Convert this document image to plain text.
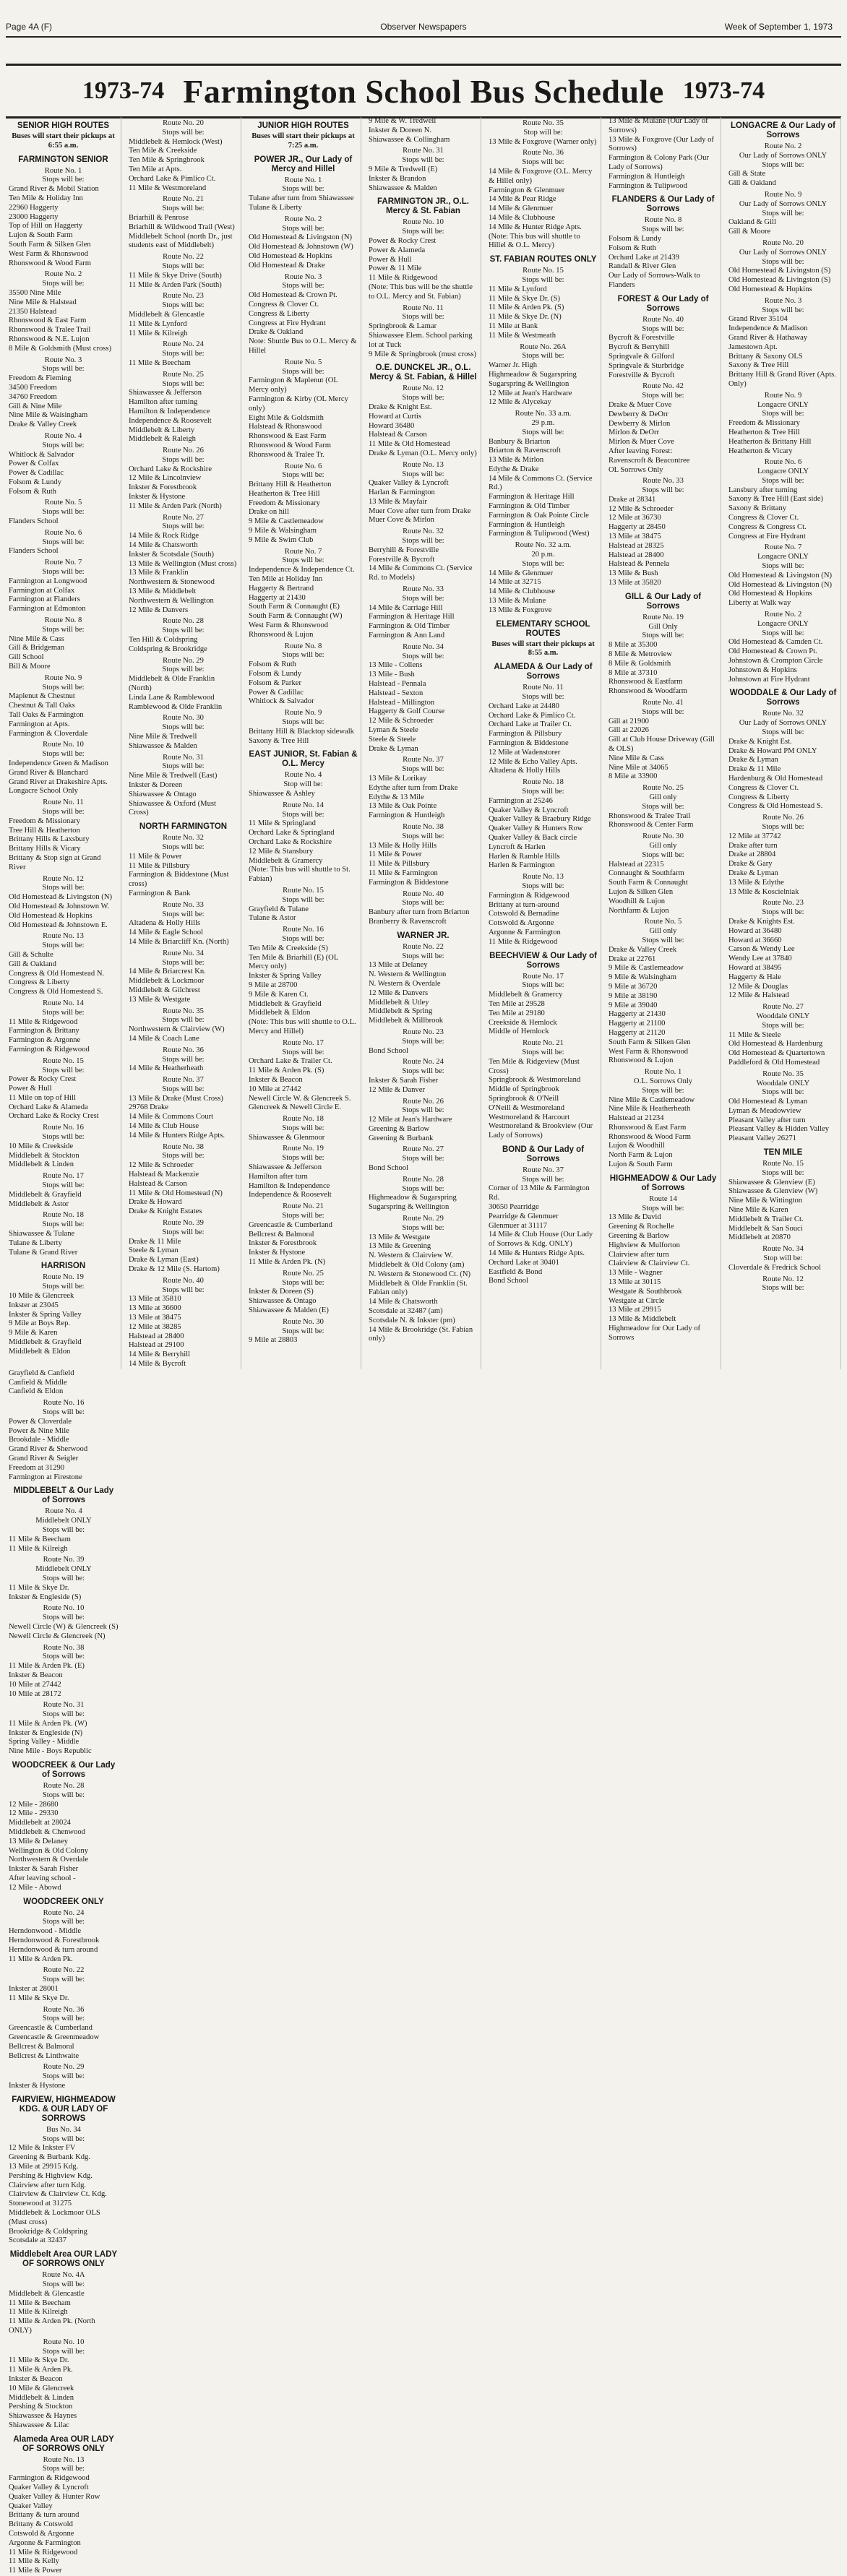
Page 4A (F)	Observer Newspapers	Week of September 1, 1973
1973-74 Farmington School Bus Schedule 1973-74
SENIOR HIGH ROUTES
Buses will start their pickups at 6:55 a.m.
FARMINGTON SENIOR
Route No. 1
Stops will be:
Grand River & Mobil Station
Ten Mile & Holiday Inn
22960 Haggerty
23000 Haggerty
Top of Hill on Haggerty
Lujon & South Farm
South Farm & Silken Glen
West Farm & Rhonswood
Rhonswood & Wood Farm
Route No. 2
Stops will be:
35500 Nine Mile
Nine Mile & Halstead
21350 Halstead
Rhonswood & East Farm
Rhonswood & Tralee Trail
Rhonswood & N.E. Lujon
8 Mile & Goldsmith (Must cross)
Route No. 3
Stops will be:
Freedom & Fleming
34500 Freedom
34760 Freedom
Gill & Nine Mile
Nine Mile & Waisingham
Drake & Valley Creek
Route No. 4
Stops will be:
Whitlock & Salvador
Power & Colfax
Power & Cadillac
Folsom & Lundy
Folsom & Ruth
Route No. 5
Stops will be:
Flanders School
Route No. 6
Stops will be:
Flanders School
Route No. 7
Stops will be:
Farmington at Longwood
Farmington at Colfax
Farmington at Flanders
Farmington at Edmonton
Route No. 8
Stops will be:
Nine Mile & Cass
Gill & Bridgeman
Gill School
Bill & Moore
Route No. 9
Stops will be:
Maplenut & Chestnut
Chestnut & Tall Oaks
Tall Oaks & Farmington
Farmington at Apts.
Farmington & Cloverdale
Route No. 10
Stops will be:
Independence Green & Madison
Grand River & Blanchard
Grand River at Drakeshire Apts.
Longacre School Only
Route No. 11
Stops will be:
Freedom & Missionary
Tree Hill & Heatherton
Brittany Hills & Laxsbury
Brittany Hills & Vicary
Brittany & Stop sign at Grand River
Route No. 12
Stops will be:
Old Homestead & Livingston (N)
Old Homestead & Johnstown W.
Old Homestead & Hopkins
Old Homestead & Johnstown E.
Route No. 13
Stops will be:
Gill & Schulte
Gill & Oakland
Congress & Old Homestead N.
Congress & Liberty
Congress & Old Homestead S.
Route No. 14
Stops will be:
11 Mile & Ridgewood
Farmington & Brittany
Farmington & Argonne
Farmington & Ridgewood
Route No. 15
Stops will be:
Power & Rocky Crest
Power & Hull
11 Mile on top of Hill
Orchard Lake & Alameda
Orchard Lake & Rocky Crest
Route No. 16
Stops will be:
10 Mile & Creekside
Middlebelt & Stockton
Middlebelt & Linden
Route No. 17
Stops will be:
Middlebelt & Grayfield
Middlebelt & Astor
Route No. 18
Stops will be:
Shiawassee & Tulane
Tulane & Liberty
Tulane & Grand River
HARRISON
Route No. 19
Stops will be:
10 Mile & Glencreek
Inkster at 23045
Inkster & Spring Valley
9 Mile at Boys Rep.
9 Mile & Karen
Middlebelt & Grayfield
Middlebelt & Eldon
Route No. 20
Stops will be:
Middlebelt & Hemlock (West)
Ten Mile & Creekside
Ten Mile & Springbrook
Ten Mile at Apts.
Orchard Lake & Pimlico Ct.
11 Mile & Westmoreland
Route No. 21
Stops will be:
Briarhill & Penrose
Briarhill & Wildwood Trail (West)
Middlebelt School (north Dr., just students east of Middlebelt)
Route No. 22
Stops will be:
11 Mile & Skye Drive (South)
11 Mile & Arden Park (South)
Route No. 23
Stops will be:
Middlebelt & Glencastle
11 Mile & Lynford
11 Mile & Kilreigh
Route No. 24
Stops will be:
11 Mile & Beecham
Route No. 25
Stops will be:
Shiawassee & Jefferson
Hamilton after turning
Hamilton & Independence
Independence & Roosevelt
Middlebelt & Liberty
Middlebelt & Raleigh
Route No. 26
Stops will be:
Orchard Lake & Rockshire
12 Mile & Lincolnview
Inkster & Forestbrook
Inkster & Hystone
11 Mile & Arden Park (North)
Route No. 27
Stops will be:
14 Mile & Rock Ridge
14 Mile & Chatsworth
Inkster & Scotsdale (South)
13 Mile & Wellington (Must cross)
13 Mile & Franklin
Northwestern & Stonewood
13 Mile & Middlebelt
Northwestern & Wellington
12 Mile & Danvers
Route No. 28
Stops will be:
Ten Hill & Coldspring
Coldspring & Brookridge
Route No. 29
Stops will be:
Middlebelt & Olde Franklin (North)
Linda Lane & Ramblewood
Ramblewood & Olde Franklin
Route No. 30
Stops will be:
Nine Mile & Tredwell
Shiawassee & Malden
Route No. 31
Stops will be:
Nine Mile & Tredwell (East)
Inkster & Doreen
Shiawassee & Ontago
Shiawassee & Oxford (Must Cross)
NORTH FARMINGTON
Route No. 32
Stops will be:
11 Mile & Power
11 Mile & Pillsbury
Farmington & Biddestone (Must cross)
Farmington & Bank
Route No. 33
Stops will be:
Altadena & Holly Hills
14 Mile & Eagle School
14 Mile & Briarcliff Kn. (North)
Route No. 34
Stops will be:
14 Mile & Briarcrest Kn.
Middlebelt & Lockmoor
Middlebelt & Gilchrest
13 Mile & Westgate
Route No. 35
Stops will be:
Northwestern & Clairview (W)
14 Mile & Coach Lane
Route No. 36
Stops will be:
14 Mile & Heatherheath
Route No. 37
Stops will be:
13 Mile & Drake (Must Cross)
29768 Drake
14 Mile & Commons Court
14 Mile & Club House
14 Mile & Hunters Ridge Apts.
Route No. 38
Stops will be:
12 Mile & Schroeder
Halstead & Mackenzie
Halstead & Carson
11 Mile & Old Homestead (N)
Drake & Howard
Drake & Knight Estates
Route No. 39
Stops will be:
Drake & 11 Mile
Steele & Lyman
Drake & Lyman (East)
Drake & 12 Mile (S. Hartom)
Route No. 40
Stops will be:
13 Mile at 35810
13 Mile at 36600
13 Mile at 38475
12 Mile at 38285
Halstead at 28400
Halstead at 29100
14 Mile & Berryhill
14 Mile & Bycroft
JUNIOR HIGH ROUTES
Buses will start their pickups at 7:25 a.m.
POWER JR., Our Lady of Mercy and Hillel
Route No. 1
Stops will be:
Tulane after turn from Shiawassee
Tulane & Liberty
Route No. 2
Stops will be:
Old Homestead & Livingston (N)
Old Homestead & Johnstown (W)
Old Homestead & Hopkins
Old Homestead & Drake
Route No. 3
Stops will be:
Old Homestead & Crown Pt.
Congress & Clover Ct.
Congress & Liberty
Congress at Fire Hydrant
Drake & Oakland
Note: Shuttle Bus to O.L. Mercy & Hillel
Route No. 5
Stops will be:
Farmington & Maplenut (OL Mercy only)
Farmington & Kirby (OL Mercy only)
Eight Mile & Goldsmith
Halstead & Rhonswood
Rhonswood & East Farm
Rhonswood & Wood Farm
Rhonswood & Tralee Tr.
Route No. 6
Stops will be:
Brittany Hill & Heatherton
Heatherton & Tree Hill
Freedom & Missionary
Drake on hill
9 Mile & Castlemeadow
9 Mile & Walsingham
9 Mile & Swim Club
Route No. 7
Stops will be:
Independence & Independence Ct.
Ten Mile at Holiday Inn
Haggerty & Bertrand
Haggerty at 21430
South Farm & Connaught (E)
South Farm & Connaught (W)
West Farm & Rhonswood
Rhonswood & Lujon
Route No. 8
Stops will be:
Folsom & Ruth
Folsom & Lundy
Folsom & Parker
Power & Cadillac
Whitlock & Salvador
Route No. 9
Stops will be:
Brittany Hill & Blacktop sidewalk
Saxony & Tree Hill
EAST JUNIOR, St. Fabian & O.L. Mercy
Route No. 4
Stop will be:
Shiawassee & Ashley
Route No. 14
Stops will be:
11 Mile & Springland
Orchard Lake & Springland
Orchard Lake & Rockshire
12 Mile & Stansbury
Middlebelt & Gramercy
(Note: This bus will shuttle to St. Fabian)
Route No. 15
Stops will be:
Grayfield & Tulane
Tulane & Astor
Route No. 16
Stops will be:
Ten Mile & Creekside (S)
Ten Mile & Briarhill (E) (OL Mercy only)
Inkster & Spring Valley
9 Mile at 28700
9 Mile & Karen Ct.
Middlebelt & Grayfield
Middlebelt & Eldon
(Note: This bus will shuttle to O.L. Mercy and Hillel)
Route No. 17
Stops will be:
Orchard Lake & Trailer Ct.
11 Mile & Arden Pk. (S)
Inkster & Beacon
10 Mile at 27442
Newell Circle W. & Glencreek S.
Glencreek & Newell Circle E.
Route No. 18
Stops will be:
Shiawassee & Glenmoor
Route No. 19
Stops will be:
Shiawassee & Jefferson
Hamilton after turn
Hamilton & Independence
Independence & Roosevelt
Route No. 21
Stops will be:
Greencastle & Cumberland
Bellcrest & Balmoral
Inkster & Forestbrook
Inkster & Hystone
11 Mile & Arden Pk. (N)
Route No. 25
Stops will be:
Inkster & Doreen (S)
Shiawassee & Ontago
Shiawassee & Malden (E)
Route No. 30
Stops will be:
9 Mile at 28803
9 Mile & W. Tredwell
Inkster & Doreen N.
Shiawassee & Collingham
Route No. 31
Stops will be:
9 Mile & Tredwell (E)
Inkster & Brandon
Shiawassee & Malden
FARMINGTON JR., O.L. Mercy & St. Fabian
Route No. 10
Stops will be:
Power & Rocky Crest
Power & Alameda
Power & Hull
Power & 11 Mile
11 Mile & Ridgewood
(Note: This bus will be the shuttle to O.L. Mercy and St. Fabian)
Route No. 11
Stops will be:
Springbrook & Lamar
Shiawassee Elem. School parking lot at Tuck
9 Mile & Springbrook (must cross)
O.E. DUNCKEL JR., O.L. Mercy & St. Fabian, & Hillel
Route No. 12
Stops will be:
Drake & Knight Est.
Howard at Curtis
Howard 36480
Halstead & Carson
11 Mile & Old Homestead
Drake & Lyman (O.L. Mercy only)
Route No. 13
Stops will be:
Quaker Valley & Lyncroft
Harlan & Farmington
13 Mile & Mayfair
Muer Cove after turn from Drake
Muer Cove & Mirlon
Route No. 32
Stops will be:
Berryhill & Forestville
Forestville & Bycroft
14 Mile & Commons Ct. (Service Rd. to Models)
Route No. 33
Stops will be:
14 Mile & Carriage Hill
Farmington & Heritage Hill
Farmington & Old Timber
Farmington & Ann Land
Route No. 34
Stops will be:
13 Mile - Collens
13 Mile - Bush
Halstead - Pennala
Halstead - Sexton
Halstead - Millington
Haggerty & Golf Course
12 Mile & Schroeder
Lyman & Steele
Steele & Steele
Drake & Lyman
Route No. 37
Stops will be:
13 Mile & Lorikay
Edythe after turn from Drake
Edythe & 13 Mile
13 Mile & Oak Pointe
Farmington & Huntleigh
Route No. 38
Stops will be:
13 Mile & Holly Hills
11 Mile & Power
11 Mile & Pillsbury
11 Mile & Farmington
Farmington & Biddestone
Route No. 40
Stops will be:
Banbury after turn from Briarton
Branberry & Ravenscroft
WARNER JR.
Route No. 22
Stops will be:
13 Mile at Delaney
N. Western & Wellington
N. Western & Overdale
12 Mile & Danvers
Middlebelt & Utley
Middlebelt & Spring
Middlebelt & Millbrook
Route No. 23
Stops will be:
Bond School
Route No. 24
Stops will be:
Inkster & Sarah Fisher
12 Mile & Danver
Route No. 26
Stops will be:
12 Mile at Jean's Hardware
Greening & Barlow
Greening & Burbank
Route No. 27
Stops will be:
Bond School
Route No. 28
Stops will be:
Highmeadow & Sugarspring
Sugarspring & Wellington
Route No. 29
Stops will be:
13 Mile & Westgate
13 Mile & Greening
N. Western & Clairview W.
Middlebelt & Old Colony (am)
N. Western & Stonewood Ct. (N)
Middlebelt & Olde Franklin (St. Fabian only)
14 Mile & Chatsworth
Scotsdale at 32487 (am)
Scotsdale N. & Inkster (pm)
14 Mile & Brookridge (St. Fabian only)
Route No. 35
Stop will be:
13 Mile & Foxgrove (Warner only)
Route No. 36
Stops will be:
14 Mile & Foxgrove (O.L. Mercy & Hillel only)
Farmington & Glenmuer
14 Mile & Pear Ridge
14 Mile & Glenmuer
14 Mile & Clubhouse
14 Mile & Hunter Ridge Apts.
(Note: This bus will shuttle to Hillel & O.L. Mercy)
ST. FABIAN ROUTES ONLY
Route No. 15
Stops will be:
11 Mile & Lynford
11 Mile & Skye Dr. (S)
11 Mile & Arden Pk. (S)
11 Mile & Skye Dr. (N)
11 Mile at Bank
11 Mile & Westmeath
Route No. 26A
Stops will be:
Warner Jr. High
Highmeadow & Sugarspring
Sugarspring & Wellington
12 Mile at Jean's Hardware
12 Mile & Alycekay
Route No. 33 a.m.
29 p.m.
Stops will be:
Banbury & Briarton
Briarton & Ravenscroft
13 Mile & Mirlon
Edythe & Drake
14 Mile & Commons Ct. (Service Rd.)
Farmington & Heritage Hill
Farmington & Old Timber
Farmington & Oak Pointe Circle
Farmington & Huntleigh
Farmington & Tulipwood (West)
Route No. 32 a.m.
20 p.m.
Stops will be:
14 Mile & Glenmuer
14 Mile at 32715
14 Mile & Clubhouse
13 Mile & Mulane
13 Mile & Foxgrove
ELEMENTARY SCHOOL ROUTES
Buses will start their pickups at 8:55 a.m.
ALAMEDA & Our Lady of Sorrows
Route No. 11
Stops will be:
Orchard Lake at 24480
Orchard Lake & Pimlico Ct.
Orchard Lake at Trailer Ct.
Farmington & Pillsbury
Farmington & Biddestone
12 Mile at Wadenstorer
12 Mile & Echo Valley Apts.
Altadena & Holly Hills
Route No. 18
Stops will be:
Farmington at 25246
Quaker Valley & Lyncroft
Quaker Valley & Braebury Ridge
Quaker Valley & Hunters Row
Quaker Valley & Back circle
Lyncroft & Harlen
Harlen & Ramble Hills
Harlen & Farmington
Route No. 13
Stops will be:
Farmington & Ridgewood
Brittany at turn-around
Cotswold & Bernadine
Cotswold & Argonne
Argonne & Farmington
11 Mile & Ridgewood
BEECHVIEW & Our Lady of Sorrows
Route No. 17
Stops will be:
Middlebelt & Gramercy
Ten Mile at 29528
Ten Mile at 29180
Creekside & Hemlock
Middle of Hemlock
Route No. 21
Stops will be:
Ten Mile & Ridgeview (Must Cross)
Springbrook & Westmoreland
Middle of Springbrook
Springbrook & O'Neill
O'Neill & Westmoreland
Westmoreland & Harcourt
Westmoreland & Brookview (Our Lady of Sorrows)
BOND & Our Lady of Sorrows
Route No. 37
Stops will be:
Corner of 13 Mile & Farmington Rd.
30650 Pearridge
Pearridge & Glenmuer
Glenmuer at 31117
14 Mile & Club House (Our Lady of Sorrows & Kdg. ONLY)
14 Mile & Hunters Ridge Apts.
Orchard Lake at 30401
Eastfield & Bond
Bond School
13 Mile & Mulane (Our Lady of Sorrows)
13 Mile & Foxgrove (Our Lady of Sorrows)
Farmington & Colony Park (Our Lady of Sorrows)
Farmington & Huntleigh
Farmington & Tulipwood
FLANDERS & Our Lady of Sorrows
Route No. 8
Stops will be:
Folsom & Lundy
Folsom & Ruth
Orchard Lake at 21439
Randall & River Glen
Our Lady of Sorrows-Walk to Flanders
FOREST & Our Lady of Sorrows
Route No. 40
Stops will be:
Bycroft & Forestville
Bycroft & Berryhill
Springvale & Gilford
Springvale & Sturbridge
Forestville & Bycroft
Route No. 42
Stops will be:
Drake & Muer Cove
Dewberry & DeOrr
Dewberry & Mirlon
Mirlon & DeOrr
Mirlon & Muer Cove
After leaving Forest:
Ravenscroft & Beacontree
OL Sorrows Only
Route No. 33
Stops will be:
Drake at 28341
12 Mile & Schroeder
12 Mile at 36730
Haggerty at 28450
13 Mile at 38475
Halstead at 28325
Halstead at 28400
Halstead & Pennela
13 Mile & Bush
13 Mile at 35820
GILL & Our Lady of Sorrows
Route No. 19
Gill Only
Stops will be:
8 Mile at 35300
8 Mile & Metroview
8 Mile & Goldsmith
8 Mile at 37310
Rhonswood & Eastfarm
Rhonswood & Woodfarm
Route No. 41
Stops will be:
Gill at 21900
Gill at 22026
Gill at Club House Driveway (Gill & OLS)
Nine Mile & Cass
Nine Mile at 34065
8 Mile at 33900
Route No. 25
Gill only
Stops will be:
Rhonswood & Tralee Trail
Rhonswood & Center Farm
Route No. 30
Gill only
Stops will be:
Halstead at 22315
Connaught & Southfarm
South Farm & Connaught
Lujon & Silken Glen
Woodhill & Lujon
Northfarm & Lujon
Route No. 5
Gill only
Stops will be:
Drake & Valley Creek
Drake at 22761
9 Mile & Castlemeadow
9 Mile & Walsingham
9 Mile at 36720
9 Mile at 38190
9 Mile at 39040
Haggerty at 21430
Haggerty at 21100
Haggerty at 21120
South Farm & Silken Glen
West Farm & Rhonswood
Rhonswood & Lujon
Route No. 1
O.L. Sorrows Only
Stops will be:
Nine Mile & Castlemeadow
Nine Mile & Heatherheath
Halstead at 21234
Rhonswood & East Farm
Rhonswood & Wood Farm
Lujon & Woodhill
North Farm & Lujon
Lujon & South Farm
HIGHMEADOW & Our Lady of Sorrows
Route 14
Stops will be:
13 Mile & David
Greening & Rochelle
Greening & Barlow
Highview & Mulforton
Clairview after turn
Clairview & Clairview Ct.
13 Mile - Wagner
13 Mile at 30115
Westgate & Southbrook
Westgate at Circle
13 Mile at 29915
13 Mile & Middlebelt
Highmeadow for Our Lady of Sorrows
LONGACRE & Our Lady of Sorrows
Route No. 2
Our Lady of Sorrows ONLY
Stops will be:
Gill & State
Gill & Oakland
Route No. 9
Our Lady of Sorrows ONLY
Stops will be:
Oakland & Gill
Gill & Moore
Route No. 20
Our Lady of Sorrows ONLY
Stops will be:
Old Homestead & Livingston (S)
Old Homestead & Livingston (S)
Old Homestead & Hopkins
Route No. 3
Stops will be:
Grand River 35104
Independence & Madison
Grand River & Hathaway
Jamestown Apt.
Brittany & Saxony OLS
Saxony & Tree Hill
Brittany Hill & Grand River (Apts. Only)
Route No. 9
Longacre ONLY
Stops will be:
Freedom & Missionary
Heatherton & Tree Hill
Heatherton & Brittany Hill
Heatherton & Vicary
Route No. 6
Longacre ONLY
Stops will be:
Lansbury after turning
Saxony & Tree Hill (East side)
Saxony & Brittany
Congress & Clover Ct.
Congress & Congress Ct.
Congress at Fire Hydrant
Route No. 7
Longacre ONLY
Stops will be:
Old Homestead & Livingston (N)
Old Homestead & Livingston (N)
Old Homestead & Hopkins
Liberty at Walk way
Route No. 2
Longacre ONLY
Stops will be:
Old Homestead & Camden Ct.
Old Homestead & Crown Pt.
Johnstown & Crompton Circle
Johnstown & Hopkins
Johnstown at Fire Hydrant
WOODDALE & Our Lady of Sorrows
Route No. 32
Our Lady of Sorrows ONLY
Stops will be:
Drake & Knight Est.
Drake & Howard PM ONLY
Drake & Lyman
Drake & 11 Mile
Hardenburg & Old Homestead
Congress & Clover Ct.
Congress & Liberty
Congress & Old Homestead S.
Route No. 26
Stops will be:
12 Mile at 37742
Drake after turn
Drake at 28804
Drake & Gary
Drake & Lyman
13 Mile & Edythe
13 Mile & Koscielniak
Route No. 23
Stops will be:
Drake & Knights Est.
Howard at 36480
Howard at 36660
Carson & Wendy Lee
Wendy Lee at 37840
Howard at 38495
Haggerty & Hale
12 Mile & Douglas
12 Mile & Halstead
Route No. 27
Wooddale ONLY
Stops will be:
11 Mile & Steele
Old Homestead & Hardenburg
Old Homestead & Quartertown
Paddleford & Old Homestead
Route No. 35
Wooddale ONLY
Stops will be:
Old Homestead & Lyman
Lyman & Meadowview
Pleasant Valley after turn
Pleasant Valley & Hidden Valley
Pleasant Valley 26271
TEN MILE
Route No. 15
Stops will be:
Shiawassee & Glenview (E)
Shiawassee & Glenview (W)
Nine Mile & Wittington
Nine Mile & Karen
Middlebelt & Trailer Ct.
Middlebelt & San Souci
Middlebelt at 20870
Route No. 34
Stop will be:
Cloverdale & Fredrick School
Route No. 12
Stops will be:
Grayfield & Canfield
Canfield & Middle
Canfield & Eldon
Route No. 16
Stops will be:
Power & Cloverdale
Power & Nine Mile
Brookdale - Middle
Grand River & Sherwood
Grand River & Seigler
Freedom at 31290
Farmington at Firestone
MIDDLEBELT & Our Lady of Sorrows
Route No. 4
Middlebelt ONLY
Stops will be:
11 Mile & Beecham
11 Mile & Kilreigh
Route No. 39
Middlebelt ONLY
Stops will be:
11 Mile & Skye Dr.
Inkster & Engleside (S)
Route No. 10
Stops will be:
Newell Circle (W) & Glencreek (S)
Newell Circle & Glencreek (N)
Route No. 38
Stops will be:
11 Mile & Arden Pk. (E)
Inkster & Beacon
10 Mile at 27442
10 Mile at 28172
Route No. 31
Stops will be:
11 Mile & Arden Pk. (W)
Inkster & Engleside (N)
Spring Valley - Middle
Nine Mile - Boys Republic
WOODCREEK & Our Lady of Sorrows
Route No. 28
Stops will be:
12 Mile - 28680
12 Mile - 29330
Middlebelt at 28024
Middlebelt & Chenwood
13 Mile & Delaney
Wellington & Old Colony
Northwestern & Overdale
Inkster & Sarah Fisher
After leaving school -
12 Mile - Abowd
WOODCREEK ONLY
Route No. 24
Stops will be:
Herndonwood - Middle
Herndonwood & Forestbrook
Herndonwood & turn around
11 Mile & Arden Pk.
Route No. 22
Stops will be:
Inkster at 28001
11 Mile & Skye Dr.
Route No. 36
Stops will be:
Greencastle & Cumberland
Greencastle & Greenmeadow
Bellcrest & Balmoral
Bellcrest & Linthwaite
Route No. 29
Stops will be:
Inkster & Hystone
FAIRVIEW, HIGHMEADOW KDG. & OUR LADY OF SORROWS
Bus No. 34
Stops will be:
12 Mile & Inkster FV
Greening & Burbank Kdg.
13 Mile at 29915 Kdg.
Pershing & Highview Kdg.
Clairview after turn Kdg.
Clairview & Clairview Ct. Kdg.
Stonewood at 31275
Middlebelt & Lockmoor OLS (Must cross)
Brookridge & Coldspring
Scotsdale at 32437
Middlebelt Area OUR LADY OF SORROWS ONLY
Route No. 4A
Stops will be:
Middlebelt & Glencastle
11 Mile & Beecham
11 Mile & Kilreigh
11 Mile & Arden Pk. (North ONLY)
Route No. 10
Stops will be:
11 Mile & Skye Dr.
11 Mile & Arden Pk.
Inkster & Beacon
10 Mile & Glencreek
Middlebelt & Linden
Pershing & Stockton
Shiawassee & Haynes
Shiawassee & Lilac
Alameda Area OUR LADY OF SORROWS ONLY
Route No. 13
Stops will be:
Farmington & Ridgewood
Quaker Valley & Lyncroft
Quaker Valley & Hunter Row
Quaker Valley
Brittany & turn around
Brittany & Cotswold
Cotswold & Argonne
Argonne & Farmington
11 Mile & Ridgewood
11 Mile & Kelly
11 Mile & Power
